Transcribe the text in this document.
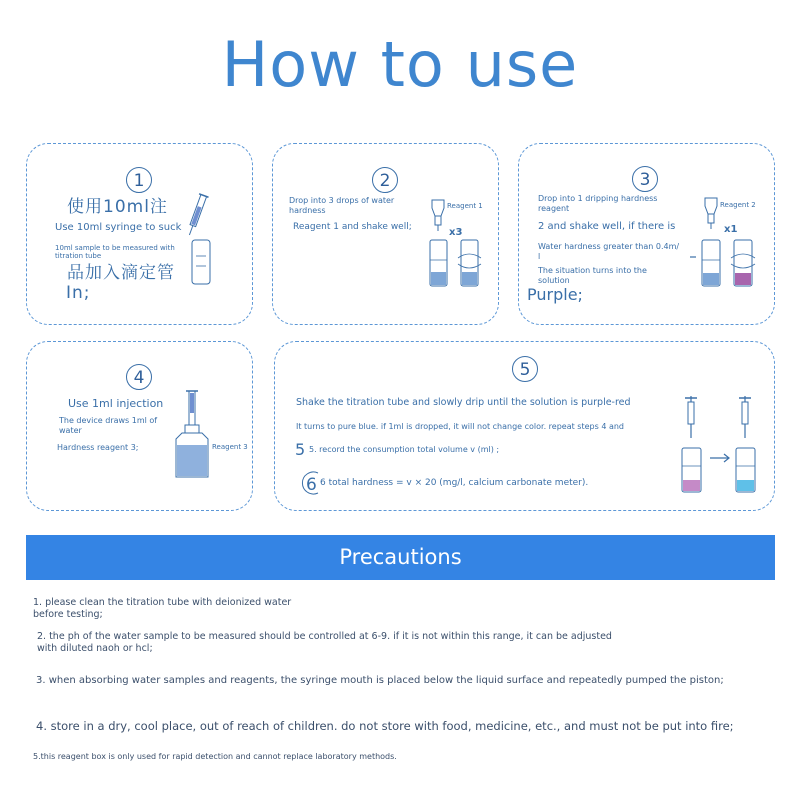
How to use
1
使用10ml注
Use 10ml syringe to suck
10ml sample to be measured with
titration tube
品加入滴定管
In;
2
Drop into 3 drops of water
hardness
Reagent 1 and shake well;
Reagent 1
x3
3
Drop into 1 dripping hardness
reagent
2 and shake well, if there is
Water hardness greater than 0.4m/
l
The situation turns into the
solution
Purple;
Reagent 2
x1
4
Use 1ml injection
The device draws 1ml of
water
Hardness reagent 3;	Reagent 3
5
Shake the titration tube and slowly drip until the solution is purple-red
It turns to pure blue. if 1ml is dropped, it will not change color. repeat steps 4 and
5 5. record the consumption total volume v (ml) ;
6 6 total hardness = v × 20 (mg/l, calcium carbonate meter).
Precautions
1. please clean the titration tube with deionized water
before testing;
2. the ph of the water sample to be measured should be controlled at 6-9. if it is not within this range, it can be adjusted
with diluted naoh or hcl;
3. when absorbing water samples and reagents, the syringe mouth is placed below the liquid surface and repeatedly pumped the piston;
4. store in a dry, cool place, out of reach of children. do not store with food, medicine, etc., and must not be put into fire;
5.this reagent box is only used for rapid detection and cannot replace laboratory methods.
